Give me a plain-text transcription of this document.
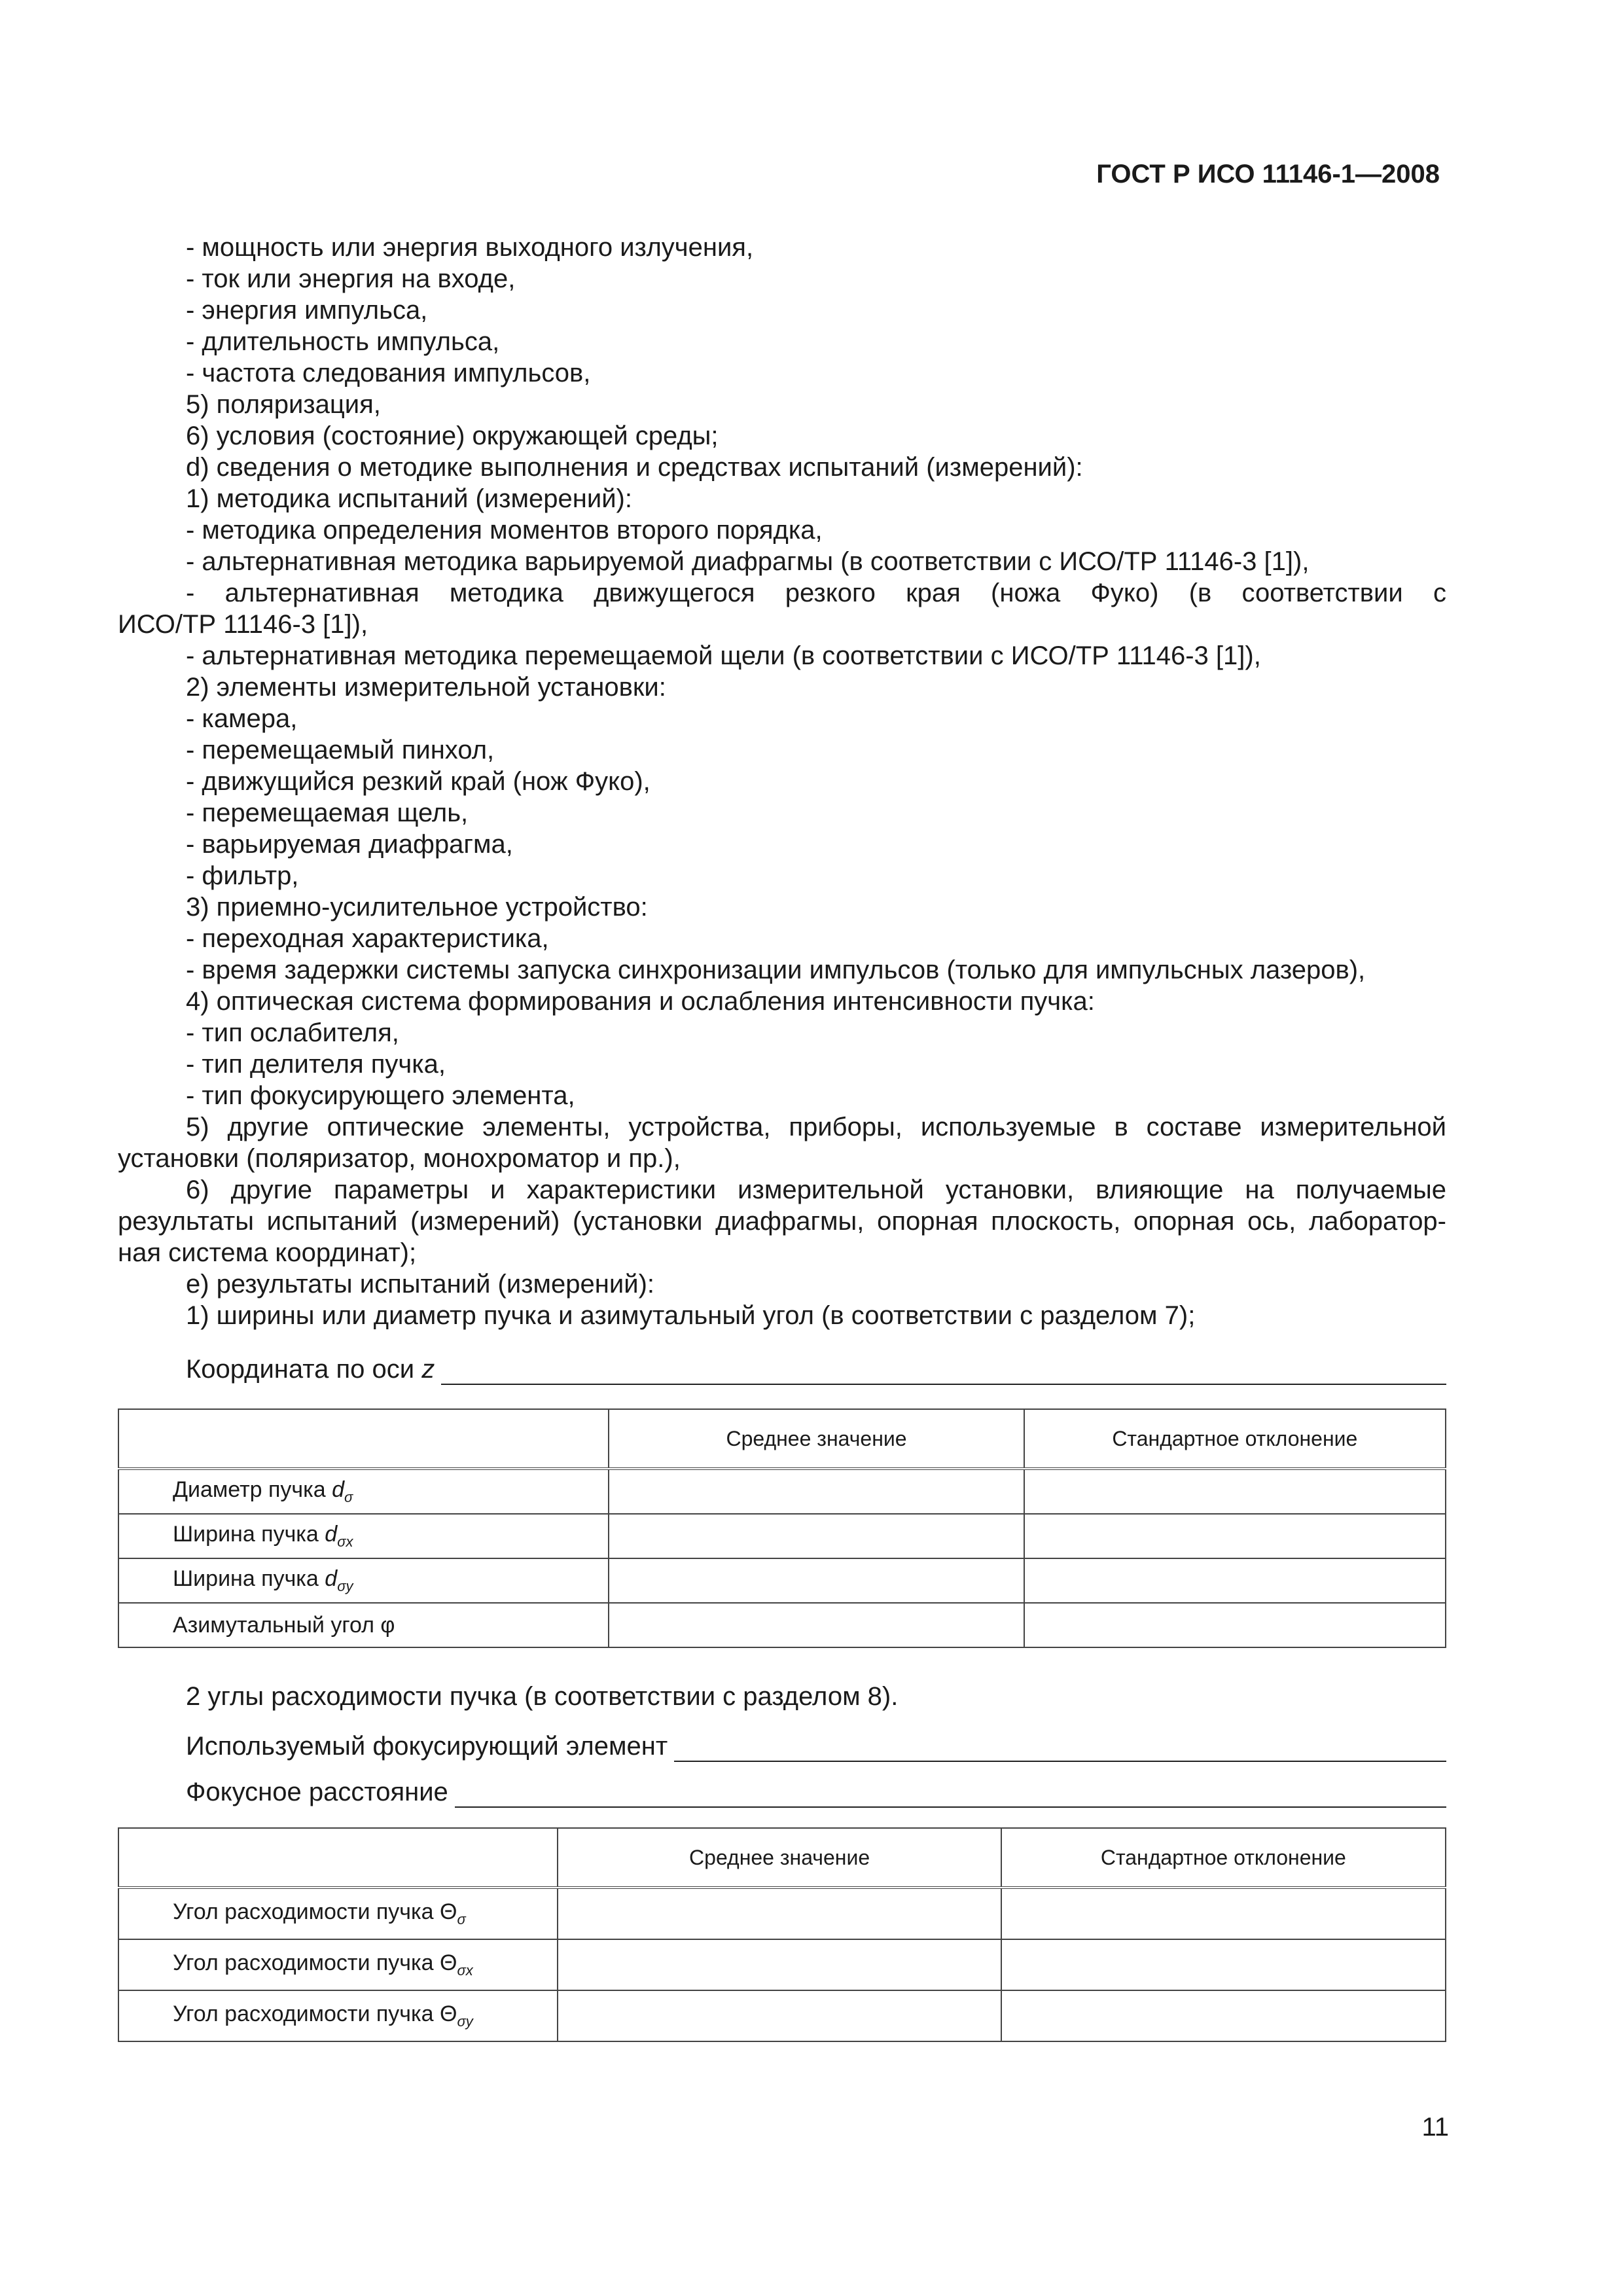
ГОСТ Р ИСО 11146-1—2008
- мощность или энергия выходного излучения,
- ток или энергия на входе,
- энергия импульса,
- длительность импульса,
- частота следования импульсов,
5) поляризация,
6) условия (состояние) окружающей среды;
d) сведения о методике выполнения и средствах испытаний (измерений):
1) методика испытаний (измерений):
- методика определения моментов второго порядка,
- альтернативная методика варьируемой диафрагмы (в соответствии с ИСО/ТР 11146-3 [1]),
- альтернативная методика движущегося резкого края (ножа Фуко) (в соответствии с
ИСО/ТР 11146-3 [1]),
- альтернативная методика перемещаемой щели (в соответствии с ИСО/ТР 11146-3 [1]),
2) элементы измерительной установки:
- камера,
- перемещаемый пинхол,
- движущийся резкий край (нож Фуко),
- перемещаемая щель,
- варьируемая диафрагма,
- фильтр,
3) приемно-усилительное устройство:
- переходная характеристика,
- время задержки системы запуска синхронизации импульсов (только для импульсных лазеров),
4) оптическая система формирования и ослабления интенсивности пучка:
- тип ослабителя,
- тип делителя пучка,
- тип фокусирующего элемента,
5) другие оптические элементы, устройства, приборы, используемые в составе измерительной
установки (поляризатор, монохроматор и пр.),
6) другие параметры и характеристики измерительной установки, влияющие на получаемые
результаты испытаний (измерений) (установки диафрагмы, опорная плоскость, опорная ось, лаборатор-
ная система координат);
e) результаты испытаний (измерений):
1) ширины или диаметр пучка и азимутальный угол (в соответствии с разделом 7);
Координата по оси z
	Среднее значение	Стандартное отклонение
Диаметр пучка $d_\sigma$		
Ширина пучка $d_{\sigma x}$		
Ширина пучка $d_{\sigma y}$		
Азимутальный угол φ		
2 углы расходимости пучка (в соответствии с разделом 8).
Используемый фокусирующий элемент
Фокусное расстояние
	Среднее значение	Стандартное отклонение
Угол расходимости пучка $\Theta_\sigma$		
Угол расходимости пучка $\Theta_{\sigma x}$		
Угол расходимости пучка $\Theta_{\sigma y}$		
11
